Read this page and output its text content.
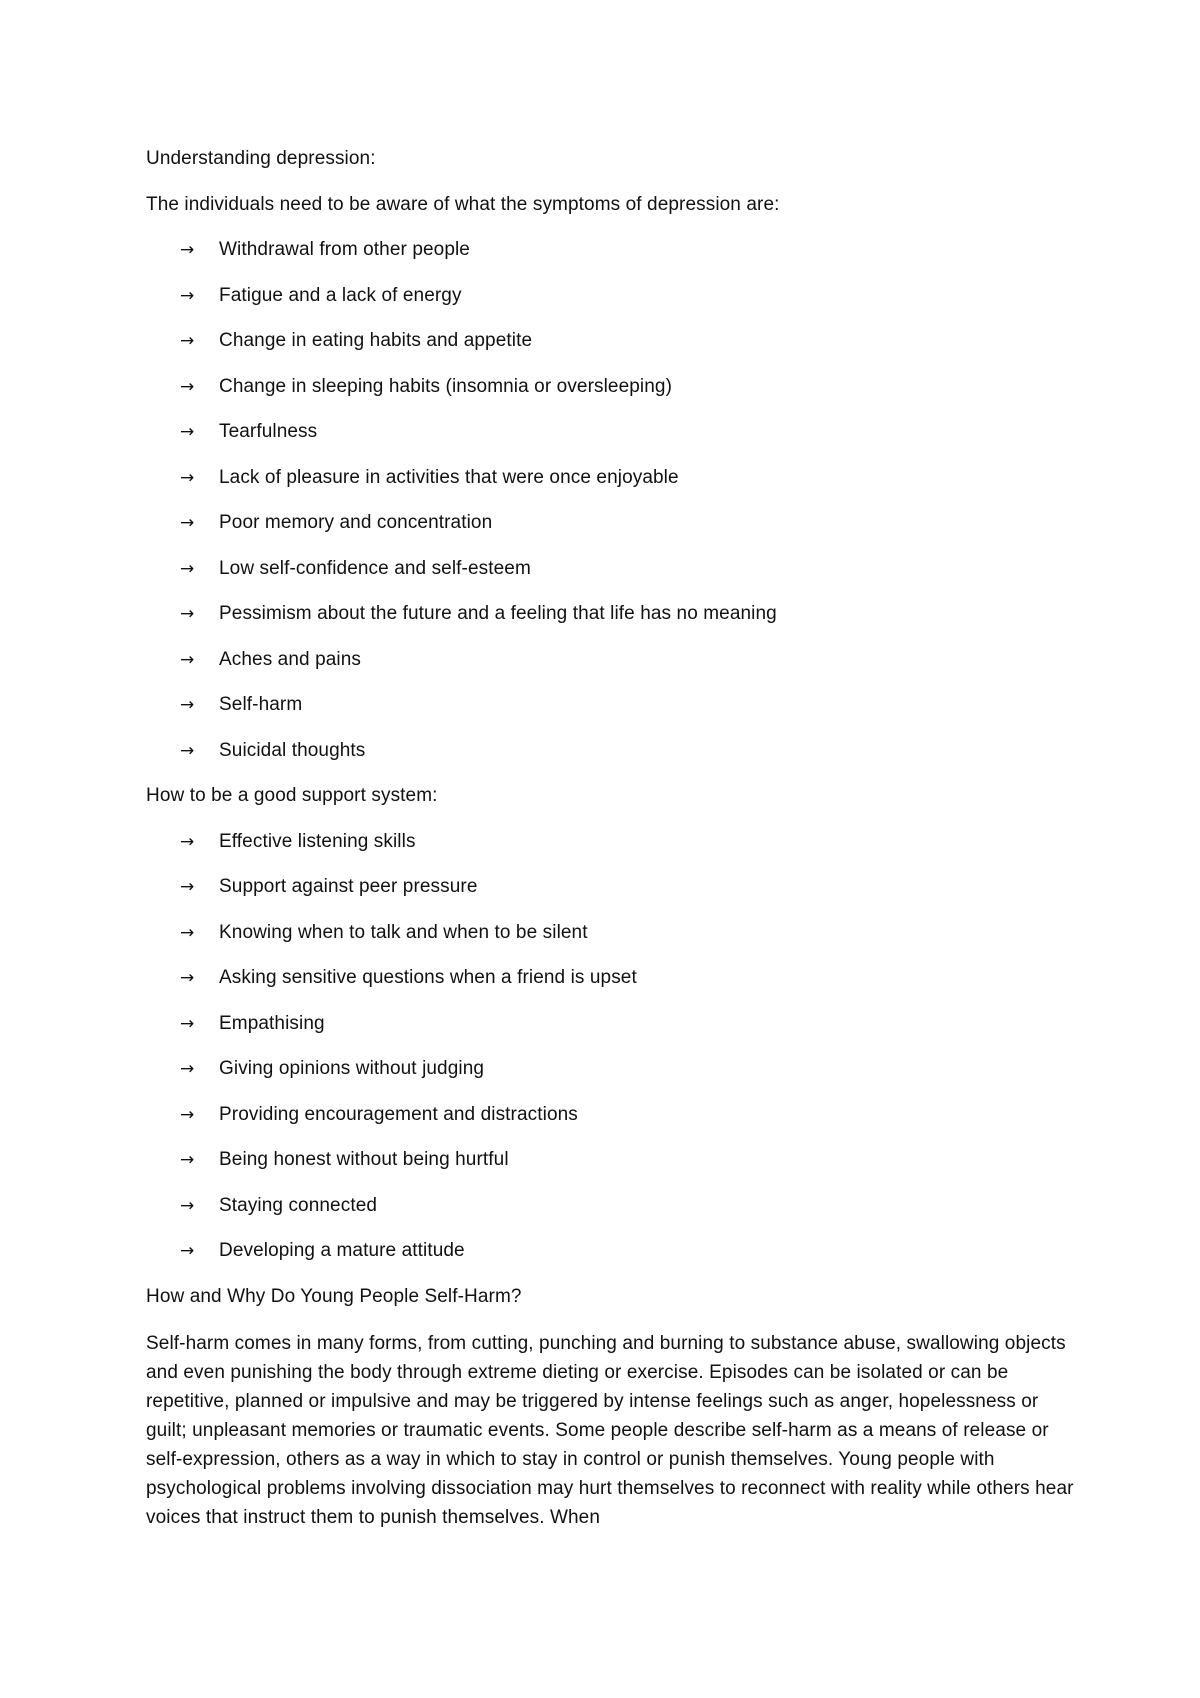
Understanding depression:
The individuals need to be aware of what the symptoms of depression are:
→ Withdrawal from other people
→ Fatigue and a lack of energy
→ Change in eating habits and appetite
→ Change in sleeping habits (insomnia or oversleeping)
→ Tearfulness
→ Lack of pleasure in activities that were once enjoyable
→ Poor memory and concentration
→ Low self-confidence and self-esteem
→ Pessimism about the future and a feeling that life has no meaning
→ Aches and pains
→ Self-harm
→ Suicidal thoughts
How to be a good support system:
→ Effective listening skills
→ Support against peer pressure
→ Knowing when to talk and when to be silent
→ Asking sensitive questions when a friend is upset
→ Empathising
→ Giving opinions without judging
→ Providing encouragement and distractions
→ Being honest without being hurtful
→ Staying connected
→ Developing a mature attitude
How and Why Do Young People Self-Harm?

Self-harm comes in many forms, from cutting, punching and burning to substance abuse, swallowing objects and even punishing the body through extreme dieting or exercise. Episodes can be isolated or can be repetitive, planned or impulsive and may be triggered by intense feelings such as anger, hopelessness or guilt; unpleasant memories or traumatic events. Some people describe self-harm as a means of release or self-expression, others as a way in which to stay in control or punish themselves. Young people with psychological problems involving dissociation may hurt themselves to reconnect with reality while others hear voices that instruct them to punish themselves. When
